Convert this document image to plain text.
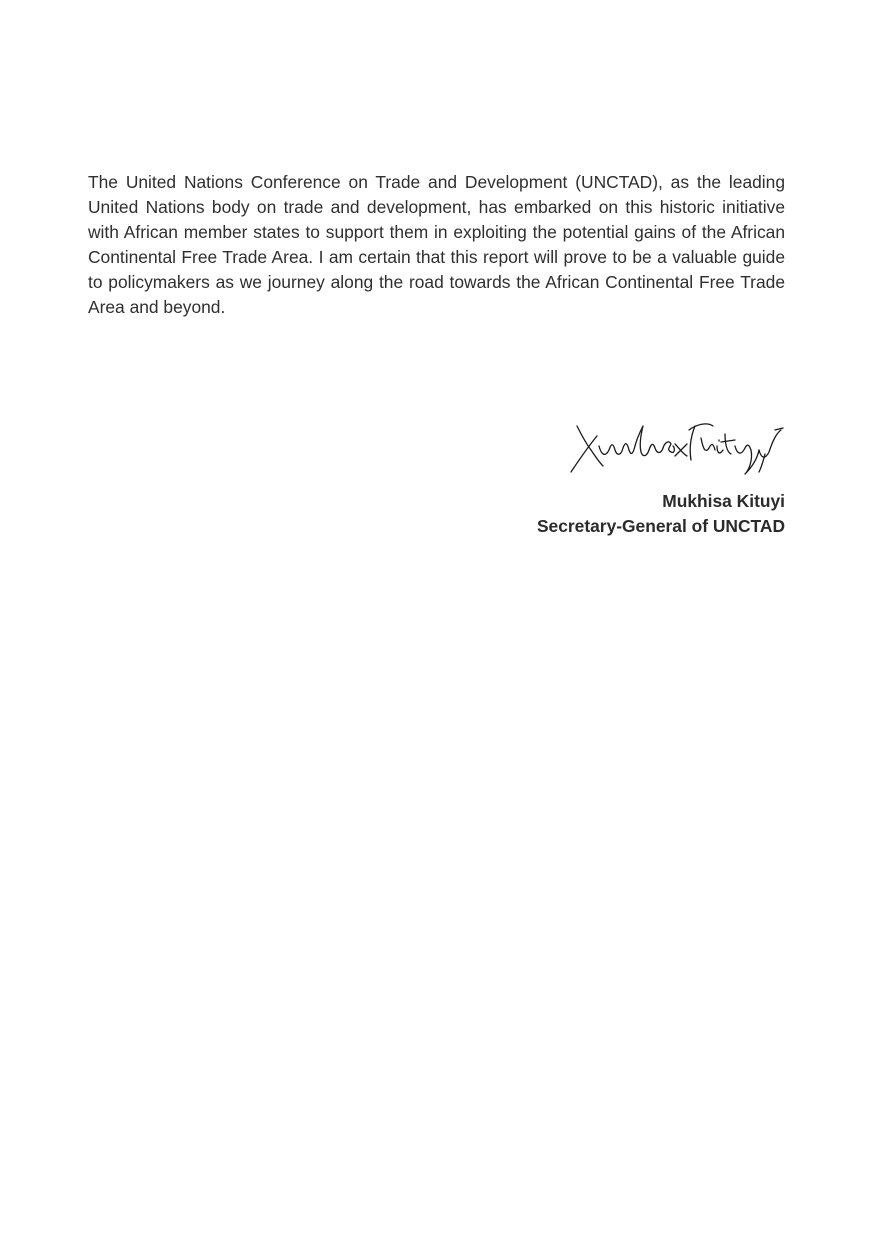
The United Nations Conference on Trade and Development (UNCTAD), as the leading United Nations body on trade and development, has embarked on this historic initiative with African member states to support them in exploiting the potential gains of the African Continental Free Trade Area. I am certain that this report will prove to be a valuable guide to policymakers as we journey along the road towards the African Continental Free Trade Area and beyond.

Mukhisa Kituyi
Secretary-General of UNCTAD
